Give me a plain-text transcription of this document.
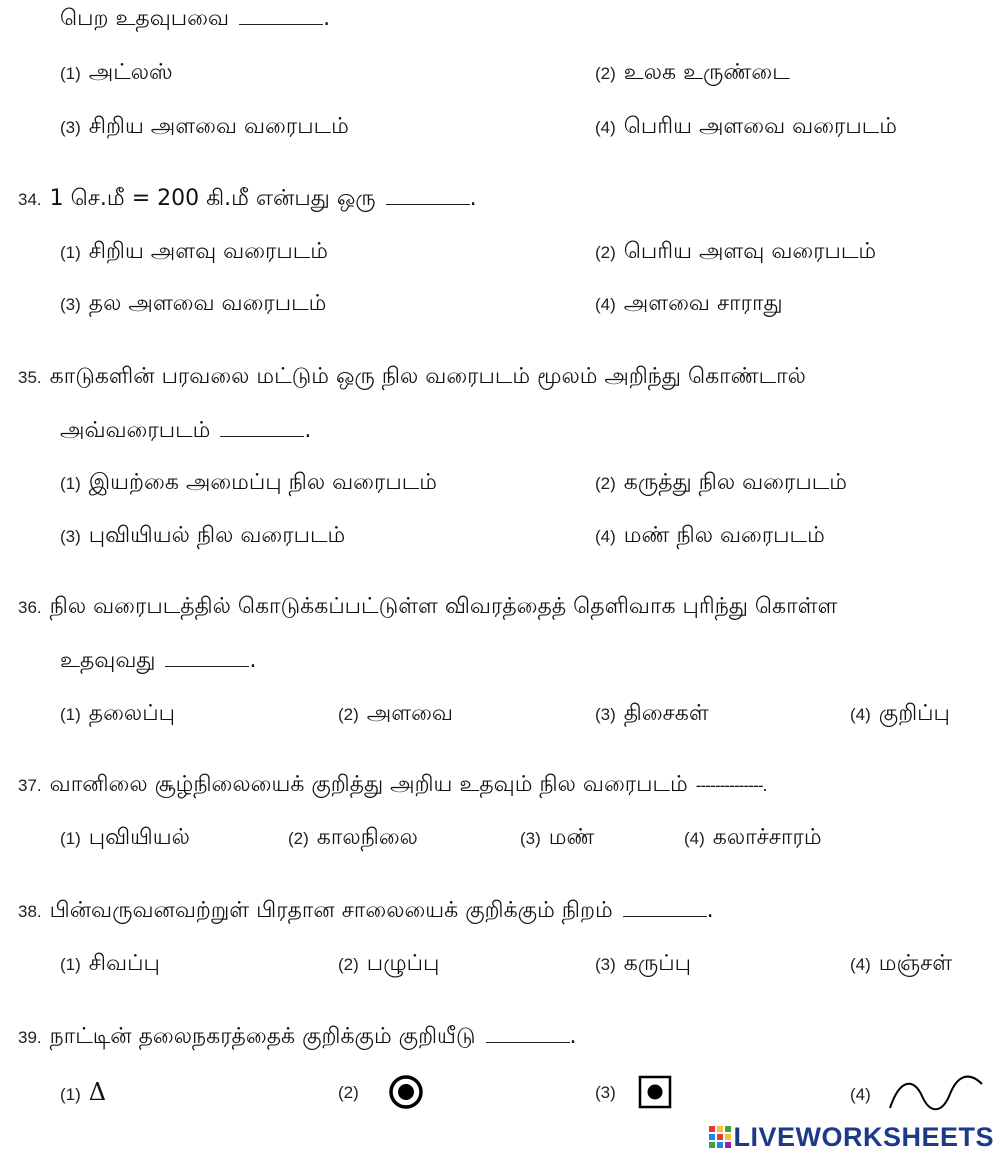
பெற உதவுபவை	.
(1) அட்லஸ்	(2) உலக உருண்டை
(3) சிறிய அளவை வரைபடம்	(4) பெரிய அளவை வரைபடம்
34. 1 செ.மீ = 200 கி.மீ என்பது ஒரு	.
(1) சிறிய அளவு வரைபடம்	(2) பெரிய அளவு வரைபடம்
(3) தல அளவை வரைபடம்	(4) அளவை சாராது
35. காடுகளின் பரவலை மட்டும் ஒரு நில வரைபடம் மூலம் அறிந்து கொண்டால்
அவ்வரைபடம்	.
(1) இயற்கை அமைப்பு நில வரைபடம்	(2) கருத்து நில வரைபடம்
(3) புவியியல் நில வரைபடம்	(4) மண் நில வரைபடம்
36. நில வரைபடத்தில் கொடுக்கப்பட்டுள்ள விவரத்தைத் தெளிவாக புரிந்து கொள்ள
உதவுவது	.
(1) தலைப்பு	(2) அளவை	(3) திசைகள்	(4) குறிப்பு
37. வானிலை சூழ்நிலையைக் குறித்து அறிய உதவும் நில வரைபடம் --------------.
(1) புவியியல்	(2) காலநிலை	(3) மண்	(4) கலாச்சாரம்
38. பின்வருவனவற்றுள் பிரதான சாலையைக் குறிக்கும் நிறம்	.
(1) சிவப்பு	(2) பழுப்பு	(3) கருப்பு	(4) மஞ்சள்
39. நாட்டின் தலைநகரத்தைக் குறிக்கும் குறியீடு	.
(1) Δ	(2)	(3)	(4)
LIVEWORKSHEETS
